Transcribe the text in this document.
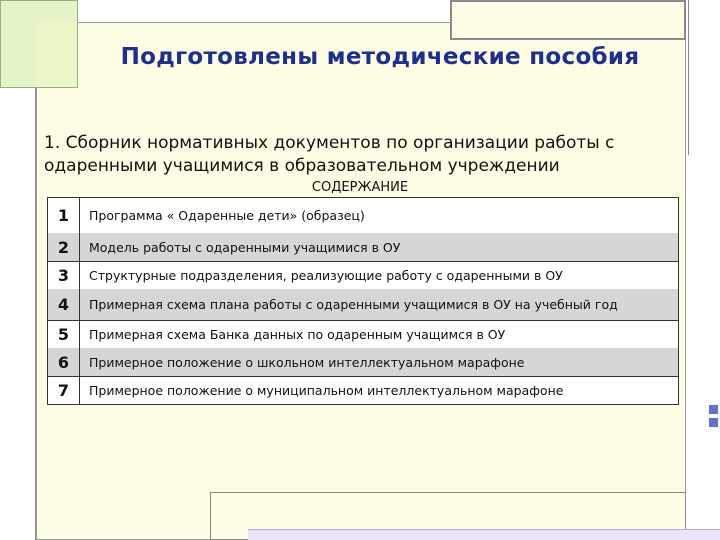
Подготовлены методические пособия
1. Сборник нормативных документов по организации работы с
одаренными учащимися в образовательном учреждении
СОДЕРЖАНИЕ
1	Программа « Одаренные дети» (образец)
2	Модель работы с одаренными учащимися в ОУ
3	Структурные подразделения, реализующие работу с одаренными в ОУ
4	Примерная схема плана работы с одаренными учащимися в ОУ на учебный год
5	Примерная схема Банка данных по одаренным учащимся в ОУ
6	Примерное положение о школьном интеллектуальном марафоне
7	Примерное положение о муниципальном интеллектуальном марафоне
